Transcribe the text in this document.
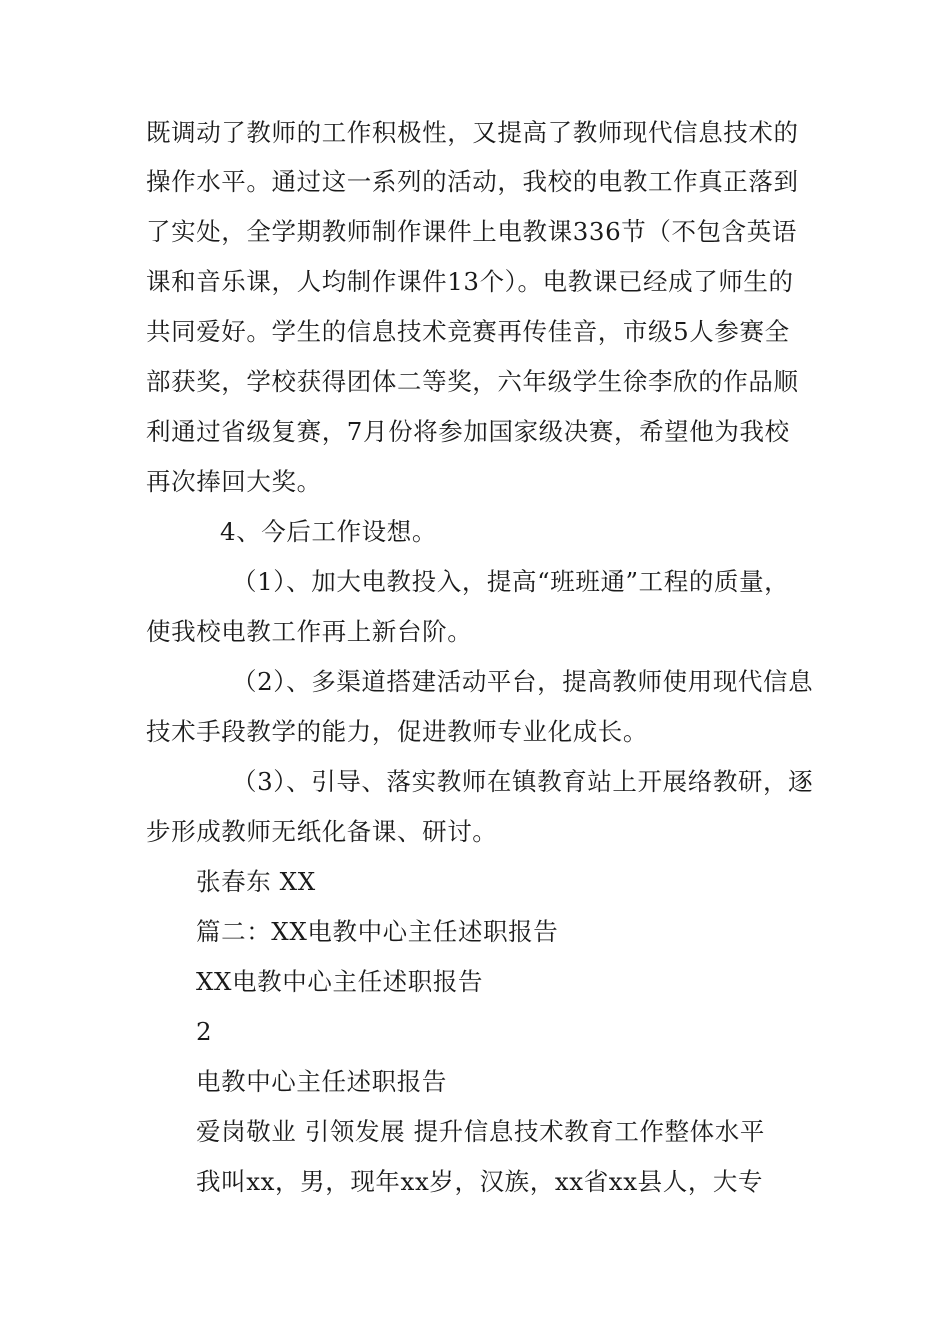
既调动了教师的工作积极性，又提高了教师现代信息技术的
操作水平。通过这一系列的活动，我校的电教工作真正落到
了实处，全学期教师制作课件上电教课336节（不包含英语
课和音乐课，人均制作课件13个）。电教课已经成了师生的
共同爱好。学生的信息技术竞赛再传佳音，市级5人参赛全
部获奖，学校获得团体二等奖，六年级学生徐李欣的作品顺
利通过省级复赛，7月份将参加国家级决赛，希望他为我校
再次捧回大奖。
4、今后工作设想。
（1）、加大电教投入，提高“班班通”工程的质量，
使我校电教工作再上新台阶。
（2）、多渠道搭建活动平台，提高教师使用现代信息
技术手段教学的能力，促进教师专业化成长。
（3）、引导、落实教师在镇教育站上开展络教研，逐
步形成教师无纸化备课、研讨。
张春东 XX
篇二：XX电教中心主任述职报告
XX电教中心主任述职报告
2
电教中心主任述职报告
爱岗敬业 引领发展 提升信息技术教育工作整体水平
我叫xx，男，现年xx岁，汉族，xx省xx县人，大专
